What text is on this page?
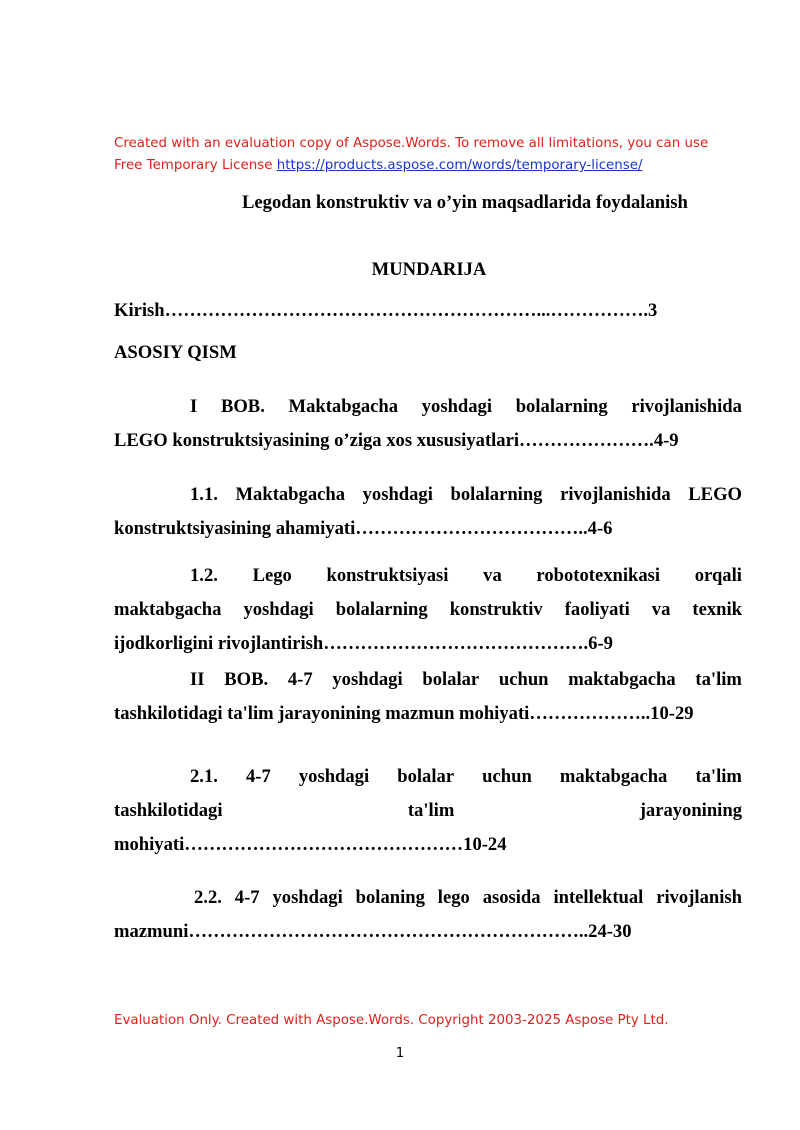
Created with an evaluation copy of Aspose.Words. To remove all limitations, you can use
Free Temporary License https://products.aspose.com/words/temporary-license/
Legodan konstruktiv va o’yin maqsadlarida foydalanish
MUNDARIJA
Kirish……………………………………………………...…………….3
ASOSIY QISM
I BOB. Maktabgacha yoshdagi bolalarning rivojlanishida
LEGO konstruktsiyasining o’ziga xos xususiyatlari………………….4-9
1.1. Maktabgacha yoshdagi bolalarning rivojlanishida LEGO
konstruktsiyasining ahamiyati………………………………..4-6
1.2. Lego konstruktsiyasi va robototexnikasi orqali
maktabgacha yoshdagi bolalarning konstruktiv faoliyati va texnik
ijodkorligini rivojlantirish…………………………………….6-9
II BOB. 4-7 yoshdagi bolalar uchun maktabgacha ta'lim
tashkilotidagi ta'lim jarayonining mazmun mohiyati………………..10-29
2.1. 4-7 yoshdagi bolalar uchun maktabgacha ta'lim
tashkilotidagi	ta'lim	jarayonining
mohiyati………………………………………10-24
2.2. 4-7 yoshdagi bolaning lego asosida intellektual rivojlanish
mazmuni………………………………………………………..24-30
Evaluation Only. Created with Aspose.Words. Copyright 2003-2025 Aspose Pty Ltd.
1
